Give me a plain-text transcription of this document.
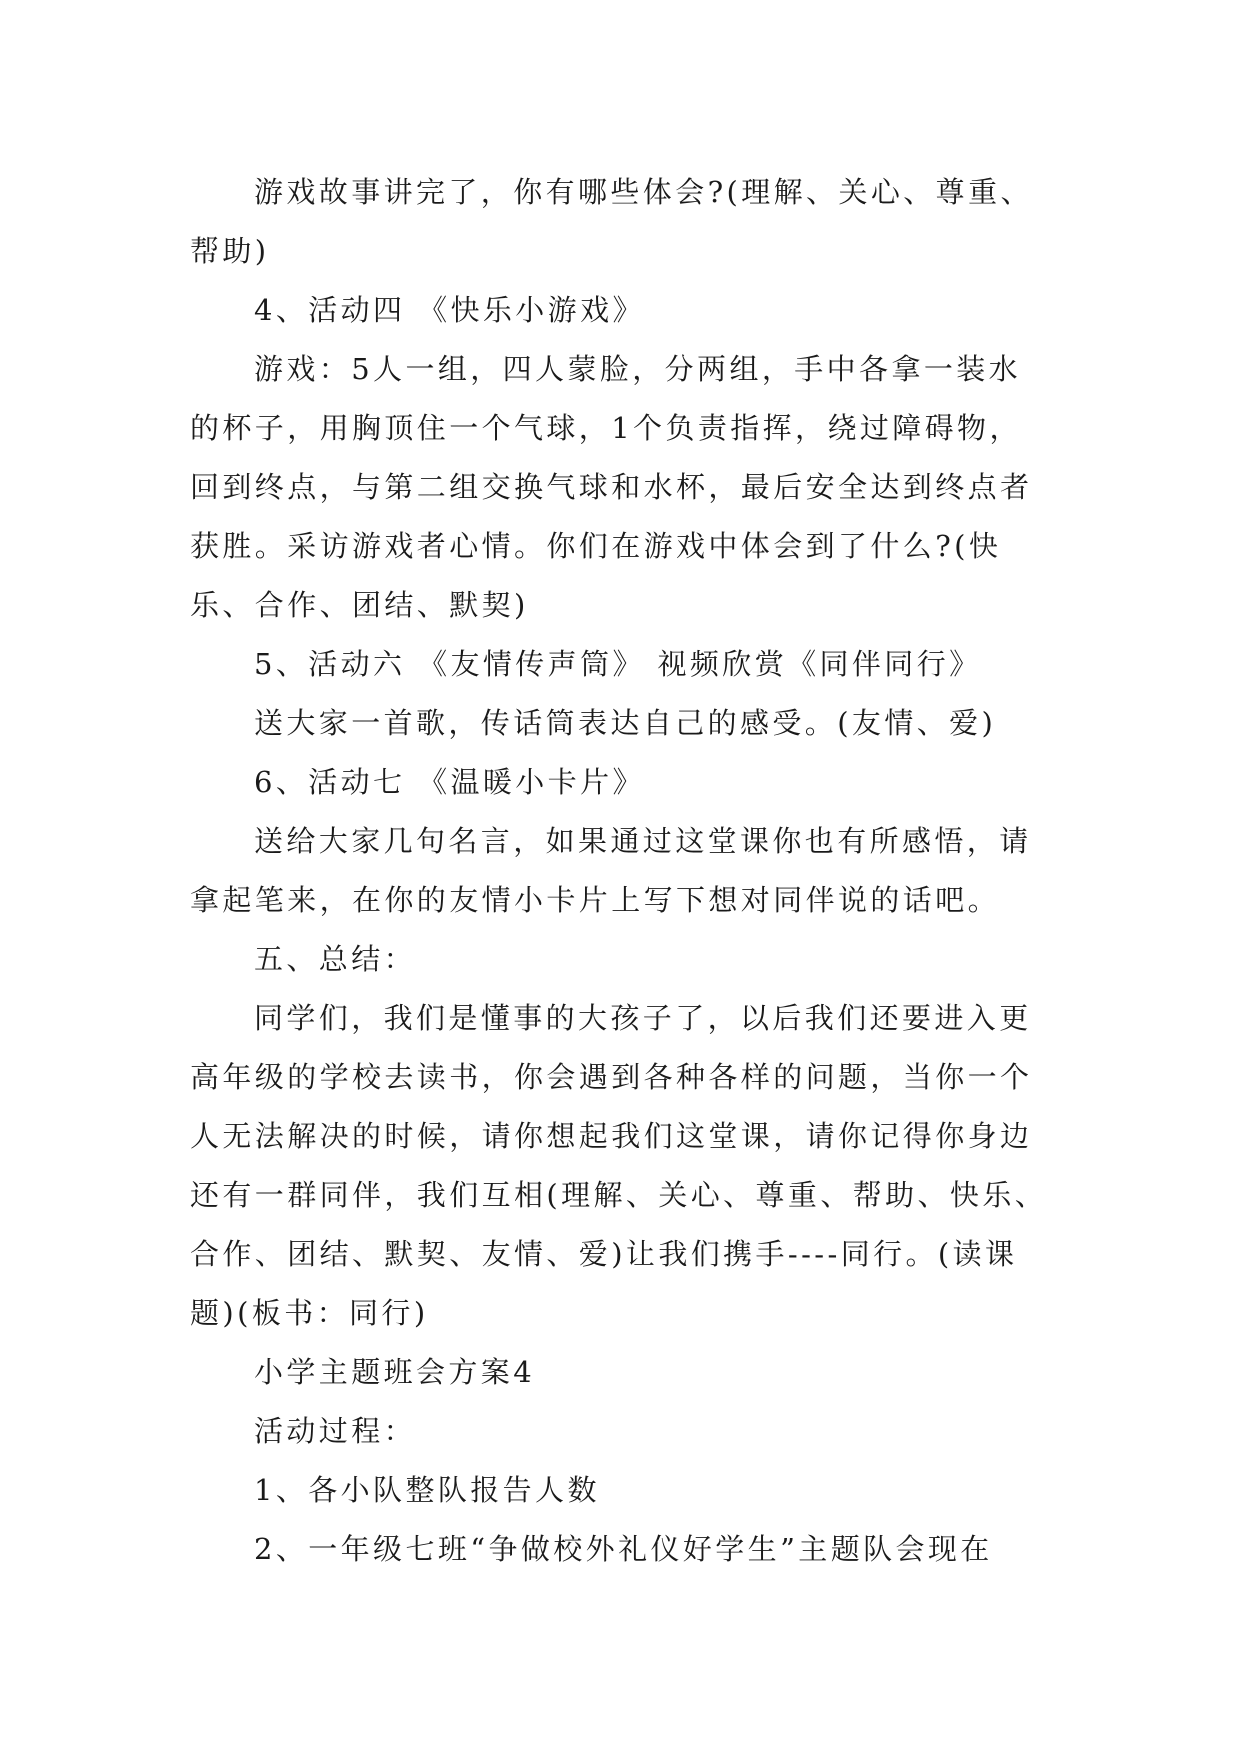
游戏故事讲完了，你有哪些体会?(理解、关心、尊重、帮助)

4、活动四 《快乐小游戏》

游戏：5人一组，四人蒙脸，分两组，手中各拿一装水的杯子，用胸顶住一个气球，1个负责指挥，绕过障碍物，回到终点，与第二组交换气球和水杯，最后安全达到终点者获胜。采访游戏者心情。你们在游戏中体会到了什么?(快乐、合作、团结、默契)

5、活动六 《友情传声筒》 视频欣赏《同伴同行》

送大家一首歌，传话筒表达自己的感受。(友情、爱)

6、活动七 《温暖小卡片》

送给大家几句名言，如果通过这堂课你也有所感悟，请拿起笔来，在你的友情小卡片上写下想对同伴说的话吧。

五、总结：

同学们，我们是懂事的大孩子了，以后我们还要进入更高年级的学校去读书，你会遇到各种各样的问题，当你一个人无法解决的时候，请你想起我们这堂课，请你记得你身边还有一群同伴，我们互相(理解、关心、尊重、帮助、快乐、合作、团结、默契、友情、爱)让我们携手----同行。(读课题)(板书：同行)

小学主题班会方案4

活动过程：

1、各小队整队报告人数

2、一年级七班“争做校外礼仪好学生”主题队会现在
